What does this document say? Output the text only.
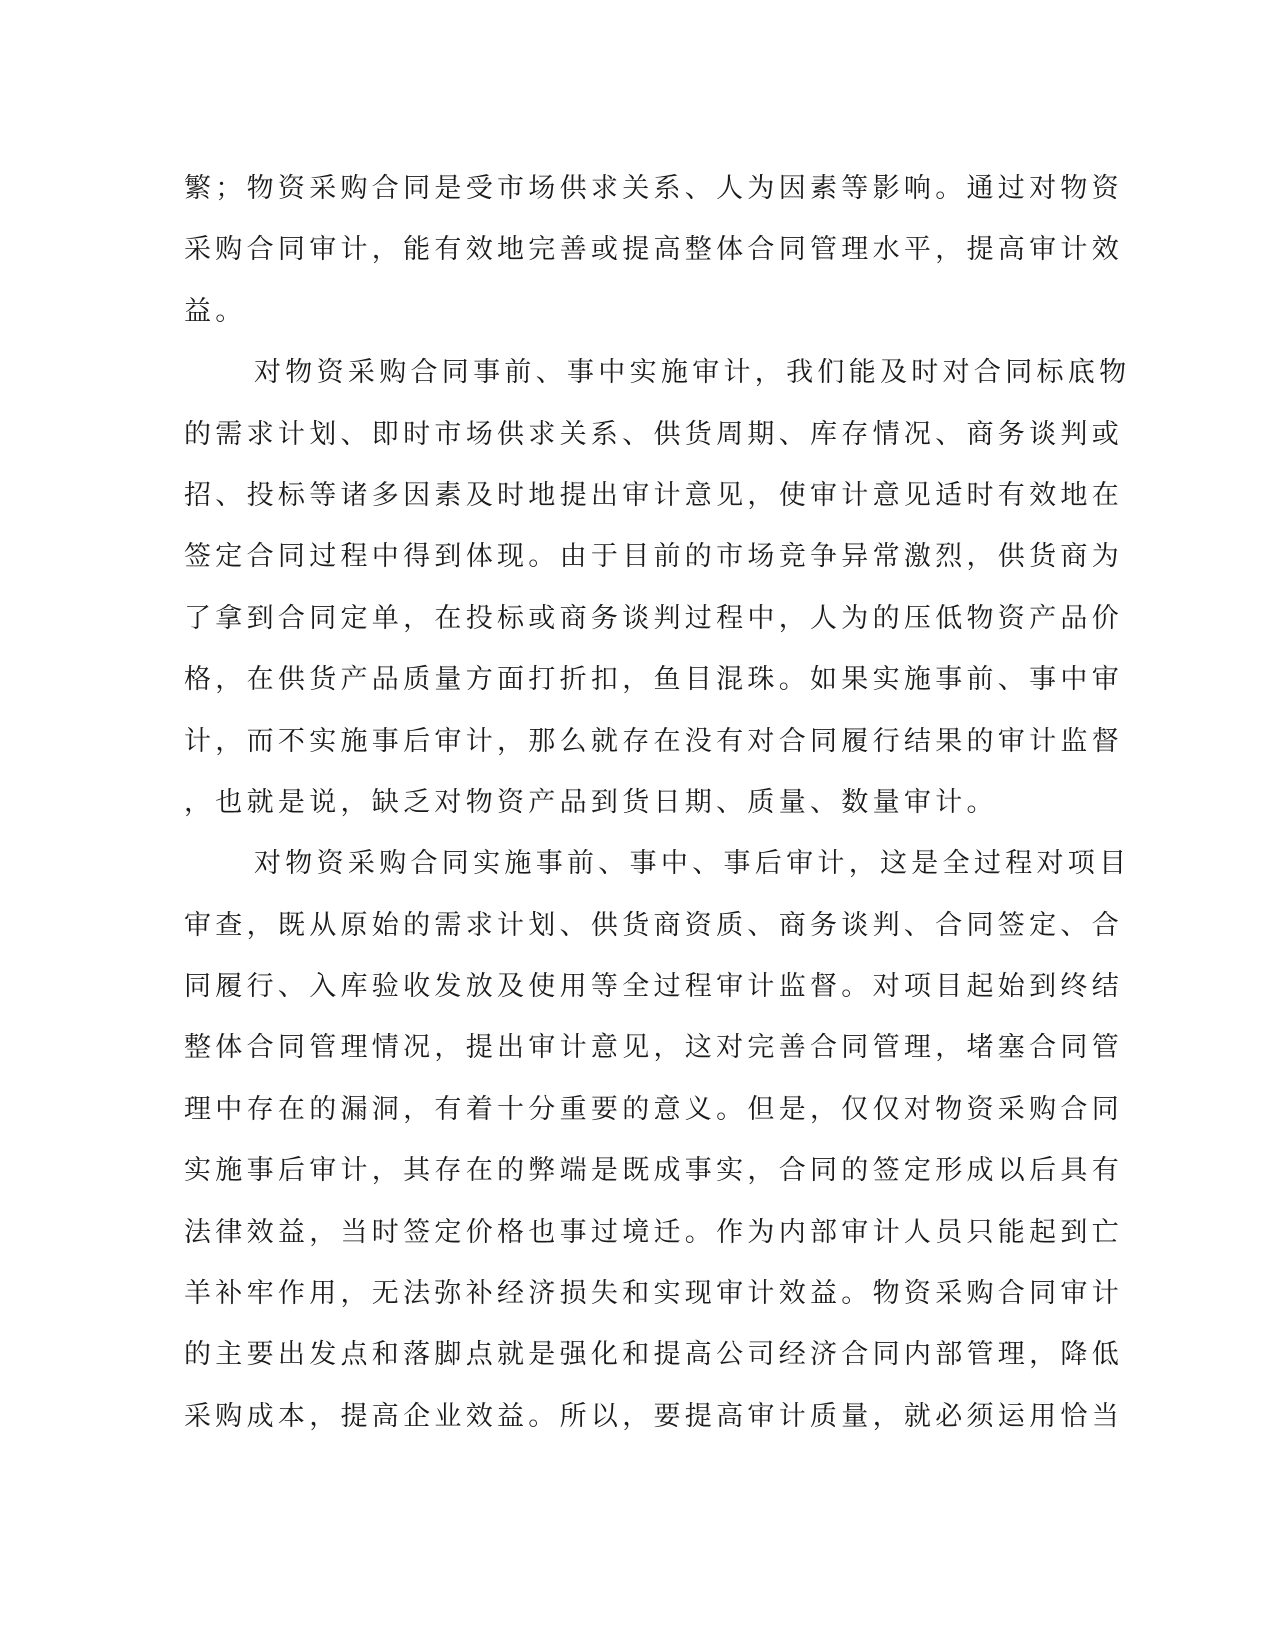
繁；物资采购合同是受市场供求关系、人为因素等影响。通过对物资
采购合同审计，能有效地完善或提高整体合同管理水平，提高审计效
益。
对物资采购合同事前、事中实施审计，我们能及时对合同标底物
的需求计划、即时市场供求关系、供货周期、库存情况、商务谈判或
招、投标等诸多因素及时地提出审计意见，使审计意见适时有效地在
签定合同过程中得到体现。由于目前的市场竞争异常激烈，供货商为
了拿到合同定单，在投标或商务谈判过程中，人为的压低物资产品价
格，在供货产品质量方面打折扣，鱼目混珠。如果实施事前、事中审
计，而不实施事后审计，那么就存在没有对合同履行结果的审计监督
，也就是说，缺乏对物资产品到货日期、质量、数量审计。
对物资采购合同实施事前、事中、事后审计，这是全过程对项目
审查，既从原始的需求计划、供货商资质、商务谈判、合同签定、合
同履行、入库验收发放及使用等全过程审计监督。对项目起始到终结
整体合同管理情况，提出审计意见，这对完善合同管理，堵塞合同管
理中存在的漏洞，有着十分重要的意义。但是，仅仅对物资采购合同
实施事后审计，其存在的弊端是既成事实，合同的签定形成以后具有
法律效益，当时签定价格也事过境迁。作为内部审计人员只能起到亡
羊补牢作用，无法弥补经济损失和实现审计效益。物资采购合同审计
的主要出发点和落脚点就是强化和提高公司经济合同内部管理，降低
采购成本，提高企业效益。所以，要提高审计质量，就必须运用恰当
